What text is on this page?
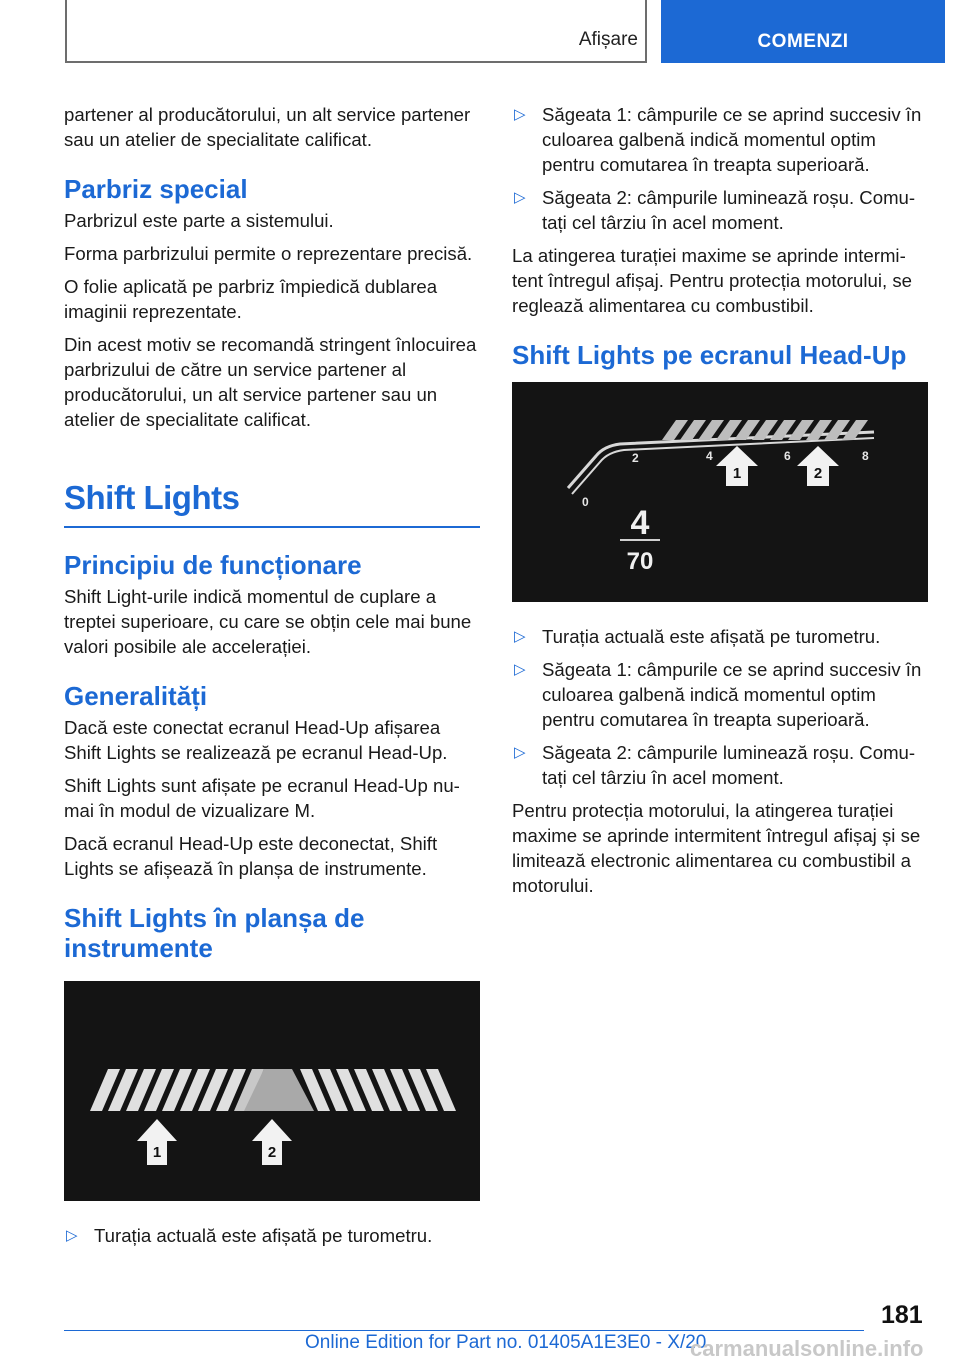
Afișare	COMENZI

partener al producătorului, un alt service partener sau un atelier de specialitate calificat.

Parbriz special

Parbrizul este parte a sistemului.

Forma parbrizului permite o reprezentare precisă.

O folie aplicată pe parbriz împiedică dublarea imaginii reprezentate.

Din acest motiv se recomandă stringent înlocuirea parbrizului de către un service partener al producătorului, un alt service partener sau un atelier de specialitate calificat.

Shift Lights
Principiu de funcționare

Shift Light-urile indică momentul de cuplare a treptei superioare, cu care se obțin cele mai bune valori posibile ale accelerației.

Generalități

Dacă este conectat ecranul Head-Up afișarea Shift Lights se realizează pe ecranul Head-Up.

Shift Lights sunt afișate pe ecranul Head-Up numai în modul de vizualizare M.

Dacă ecranul Head-Up este deconectat, Shift Lights se afișează în planșa de instrumente.

Shift Lights în planșa de instrumente
1	2
▷ Turația actuală este afișată pe turometru.
▷ Săgeata 1: câmpurile ce se aprind succesiv în culoarea galbenă indică momentul optim pentru comutarea în treapta superioară.
▷ Săgeata 2: câmpurile luminează roșu. Comutați cel târziu în acel moment.

La atingerea turației maxime se aprinde intermitent întregul afișaj. Pentru protecția motorului, se reglează alimentarea cu combustibil.

Shift Lights pe ecranul Head-Up
0
2	4	6	8
1	2
4
70
▷ Turația actuală este afișată pe turometru.
▷ Săgeata 1: câmpurile ce se aprind succesiv în culoarea galbenă indică momentul optim pentru comutarea în treapta superioară.
▷ Săgeata 2: câmpurile luminează roșu. Comutați cel târziu în acel moment.

Pentru protecția motorului, la atingerea turației maxime se aprinde intermitent întregul afișaj și se limitează electronic alimentarea cu combustibil a motorului.

181
Online Edition for Part no. 01405A1E3E0 - X/20
carmanualsonline.info
